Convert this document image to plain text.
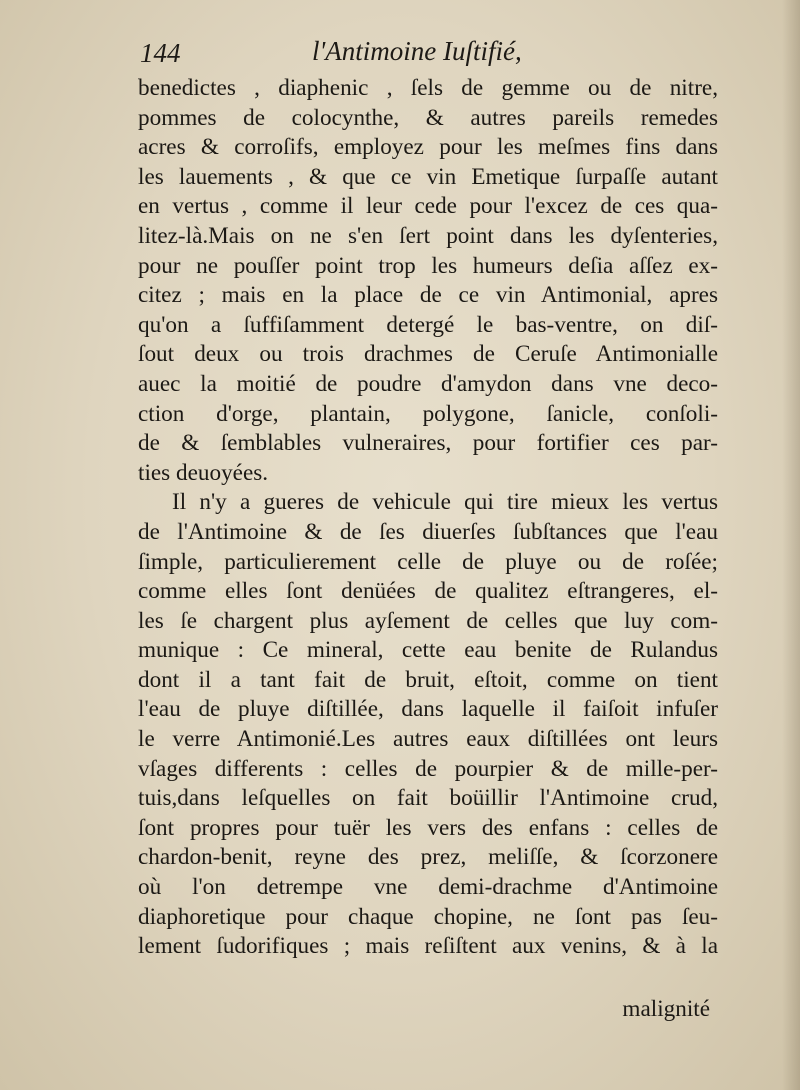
144	l'Antimoine Iuſtifié,
benedictes , diaphenic , ſels de gemme ou de nitre,
pommes de colocynthe, & autres pareils remedes
acres & corroſifs, employez pour les meſmes fins dans
les lauements , & que ce vin Emetique ſurpaſſe autant
en vertus , comme il leur cede pour l'excez de ces qua-
litez-là.Mais on ne s'en ſert point dans les dyſenteries,
pour ne pouſſer point trop les humeurs deſia aſſez ex-
citez ; mais en la place de ce vin Antimonial, apres
qu'on a ſuffiſamment detergé le bas-ventre, on diſ-
ſout deux ou trois drachmes de Ceruſe Antimonialle
auec la moitié de poudre d'amydon dans vne deco-
ction d'orge, plantain, polygone, ſanicle, conſoli-
de & ſemblables vulneraires, pour fortifier ces par-
ties deuoyées.
Il n'y a gueres de vehicule qui tire mieux les vertus
de l'Antimoine & de ſes diuerſes ſubſtances que l'eau
ſimple, particulierement celle de pluye ou de roſée;
comme elles ſont denüées de qualitez eſtrangeres, el-
les ſe chargent plus ayſement de celles que luy com-
munique : Ce mineral, cette eau benite de Rulandus
dont il a tant fait de bruit, eſtoit, comme on tient
l'eau de pluye diſtillée, dans laquelle il faiſoit infuſer
le verre Antimonié.Les autres eaux diſtillées ont leurs
vſages differents : celles de pourpier & de mille-per-
tuis,dans leſquelles on fait boüillir l'Antimoine crud,
ſont propres pour tuër les vers des enfans : celles de
chardon-benit, reyne des prez, meliſſe, & ſcorzonere
où l'on detrempe vne demi-drachme d'Antimoine
diaphoretique pour chaque chopine, ne ſont pas ſeu-
lement ſudorifiques ; mais reſiſtent aux venins, & à la
malignité
